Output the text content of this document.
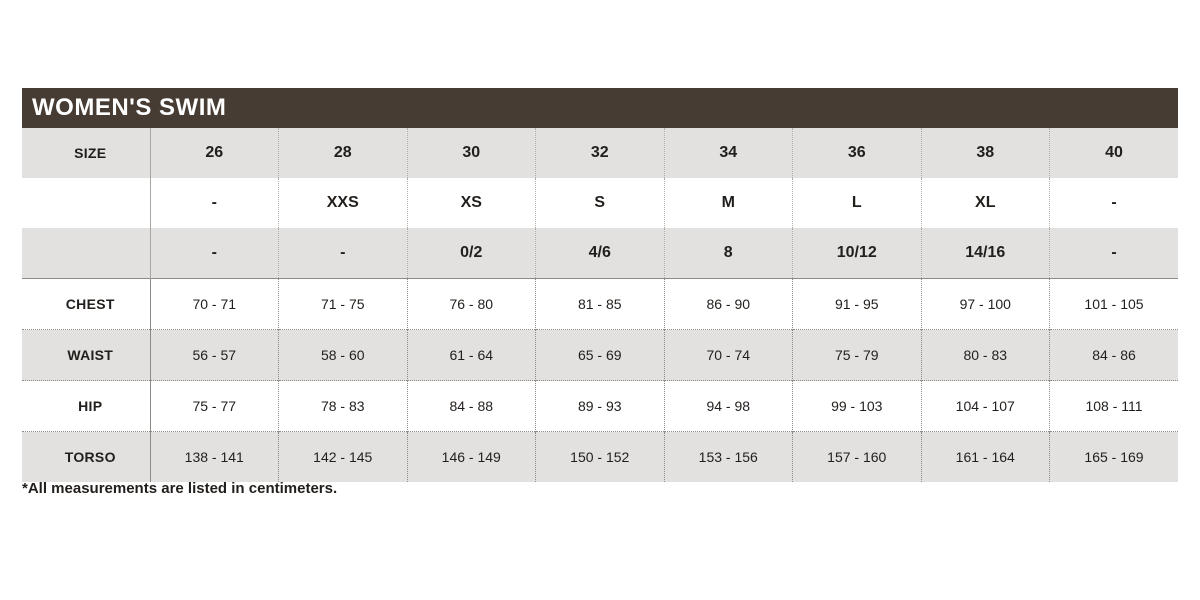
WOMEN'S SWIM
SIZE	26	28	30	32	34	36	38	40
	-	XXS	XS	S	M	L	XL	-
	-	-	0/2	4/6	8	10/12	14/16	-
CHEST	70 - 71	71 - 75	76 - 80	81 - 85	86 - 90	91 - 95	97 - 100	101 - 105
WAIST	56 - 57	58 - 60	61 - 64	65 - 69	70 - 74	75 - 79	80 - 83	84 - 86
HIP	75 - 77	78 - 83	84 - 88	89 - 93	94 - 98	99 - 103	104 - 107	108 - 111
TORSO	138 - 141	142 - 145	146 - 149	150 - 152	153 - 156	157 - 160	161 - 164	165 - 169
*All measurements are listed in centimeters.
